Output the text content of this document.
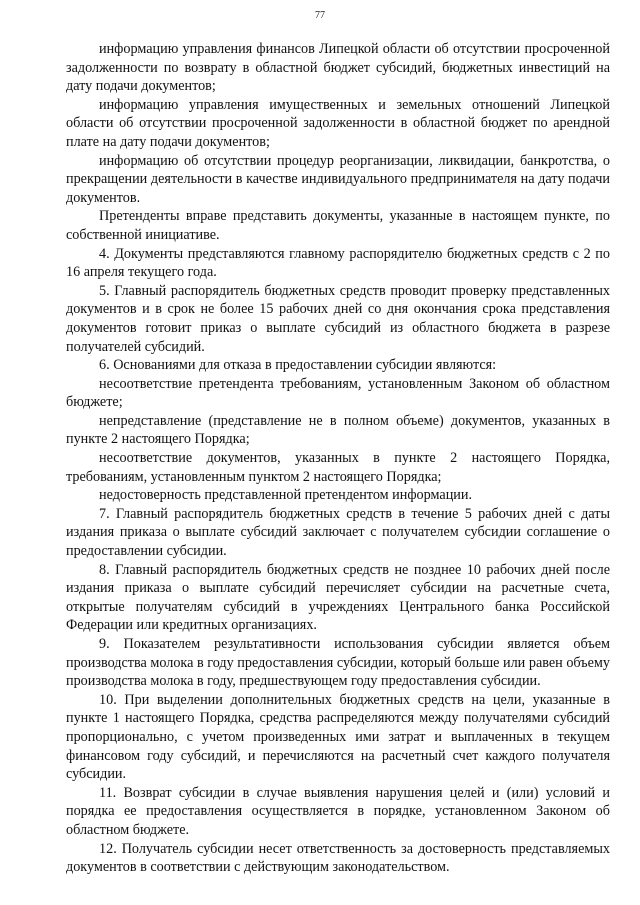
77

информацию управления финансов Липецкой области об отсутствии просроченной задолженности по возврату в областной бюджет субсидий, бюджетных инвестиций на дату подачи документов;

информацию управления имущественных и земельных отношений Липецкой области об отсутствии просроченной задолженности в областной бюджет по арендной плате на дату подачи документов;

информацию об отсутствии процедур реорганизации, ликвидации, банкротства, о прекращении деятельности в качестве индивидуального предпринимателя на дату подачи документов.

Претенденты вправе представить документы, указанные в настоящем пункте, по собственной инициативе.

4. Документы представляются главному распорядителю бюджетных средств с 2 по 16 апреля текущего года.

5. Главный распорядитель бюджетных средств проводит проверку представленных документов и в срок не более 15 рабочих дней со дня окончания срока представления документов готовит приказ о выплате субсидий из областного бюджета в разрезе получателей субсидий.

6. Основаниями для отказа в предоставлении субсидии являются:

несоответствие претендента требованиям, установленным Законом об областном бюджете;

непредставление (представление не в полном объеме) документов, указанных в пункте 2 настоящего Порядка;

несоответствие документов, указанных в пункте 2 настоящего Порядка, требованиям, установленным пунктом 2 настоящего Порядка;

недостоверность представленной претендентом информации.

7. Главный распорядитель бюджетных средств в течение 5 рабочих дней с даты издания приказа о выплате субсидий заключает с получателем субсидии соглашение о предоставлении субсидии.

8. Главный распорядитель бюджетных средств не позднее 10 рабочих дней после издания приказа о выплате субсидий перечисляет субсидии на расчетные счета, открытые получателям субсидий в учреждениях Центрального банка Российской Федерации или кредитных организациях.

9. Показателем результативности использования субсидии является объем производства молока в году предоставления субсидии, который больше или равен объему производства молока в году, предшествующем году предоставления субсидии.

10. При выделении дополнительных бюджетных средств на цели, указанные в пункте 1 настоящего Порядка, средства распределяются между получателями субсидий пропорционально, с учетом произведенных ими затрат и выплаченных в текущем финансовом году субсидий, и перечисляются на расчетный счет каждого получателя субсидии.

11. Возврат субсидии в случае выявления нарушения целей и (или) условий и порядка ее предоставления осуществляется в порядке, установленном Законом об областном бюджете.

12. Получатель субсидии несет ответственность за достоверность представляемых документов в соответствии с действующим законодательством.
